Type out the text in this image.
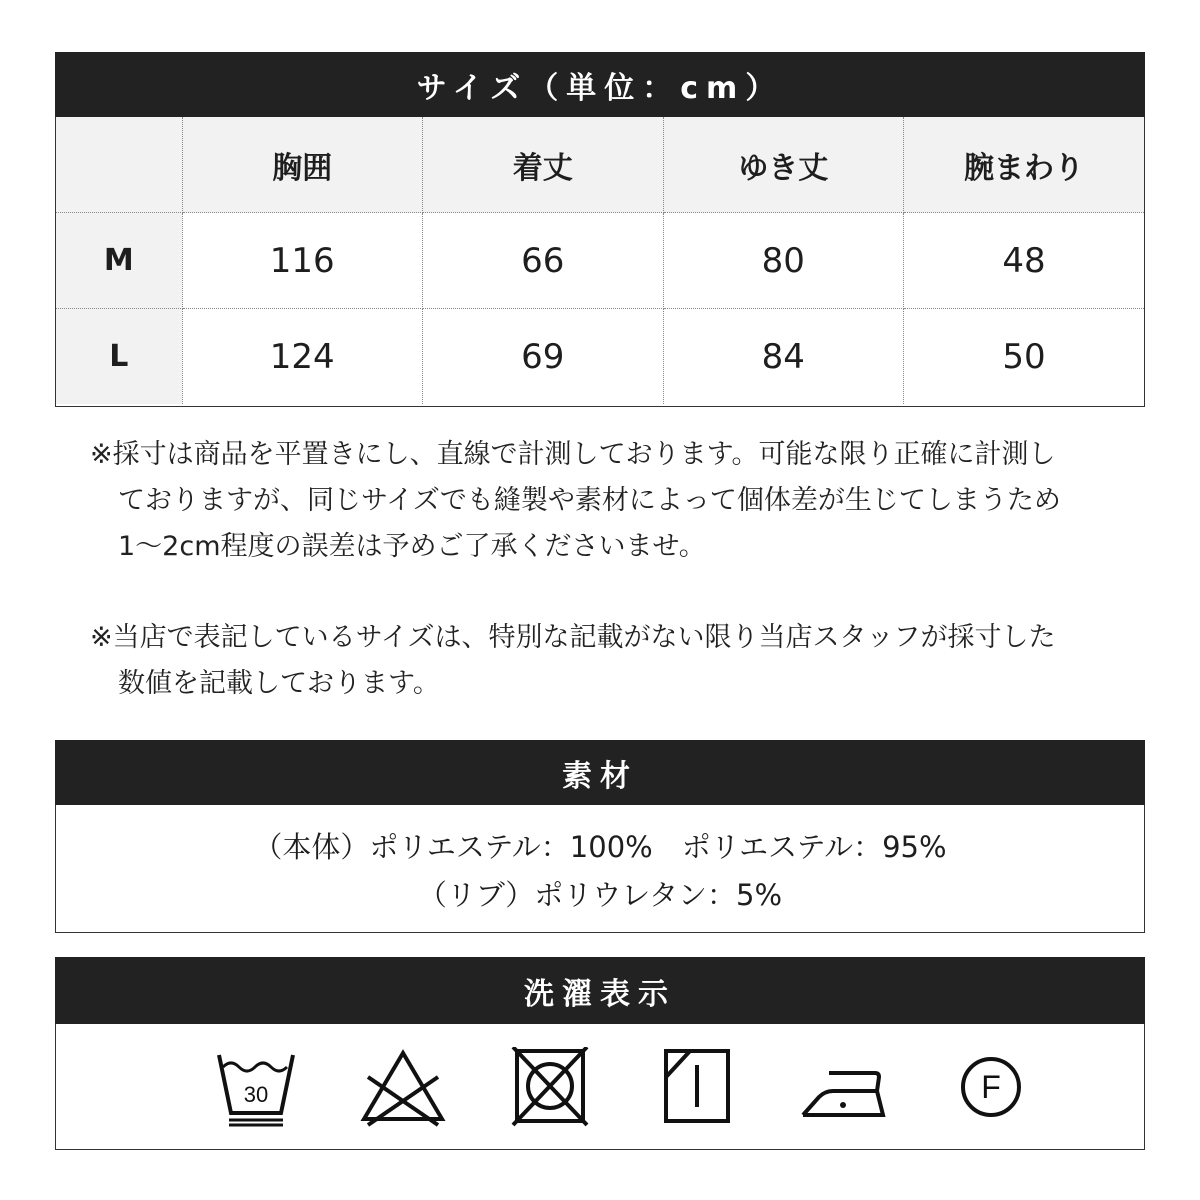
サイズ（単位：cm）
	胸囲	着丈	ゆき丈	腕まわり
M	116	66	80	48
L	124	69	84	50
※採寸は商品を平置きにし、直線で計測しております。可能な限り正確に計測し
ておりますが、同じサイズでも縫製や素材によって個体差が生じてしまうため
1～2cm程度の誤差は予めご了承くださいませ。
※当店で表記しているサイズは、特別な記載がない限り当店スタッフが採寸した
数値を記載しております。
素材
（本体）ポリエステル：100%　ポリエステル：95%
（リブ）ポリウレタン：5%
洗濯表示
30	F
